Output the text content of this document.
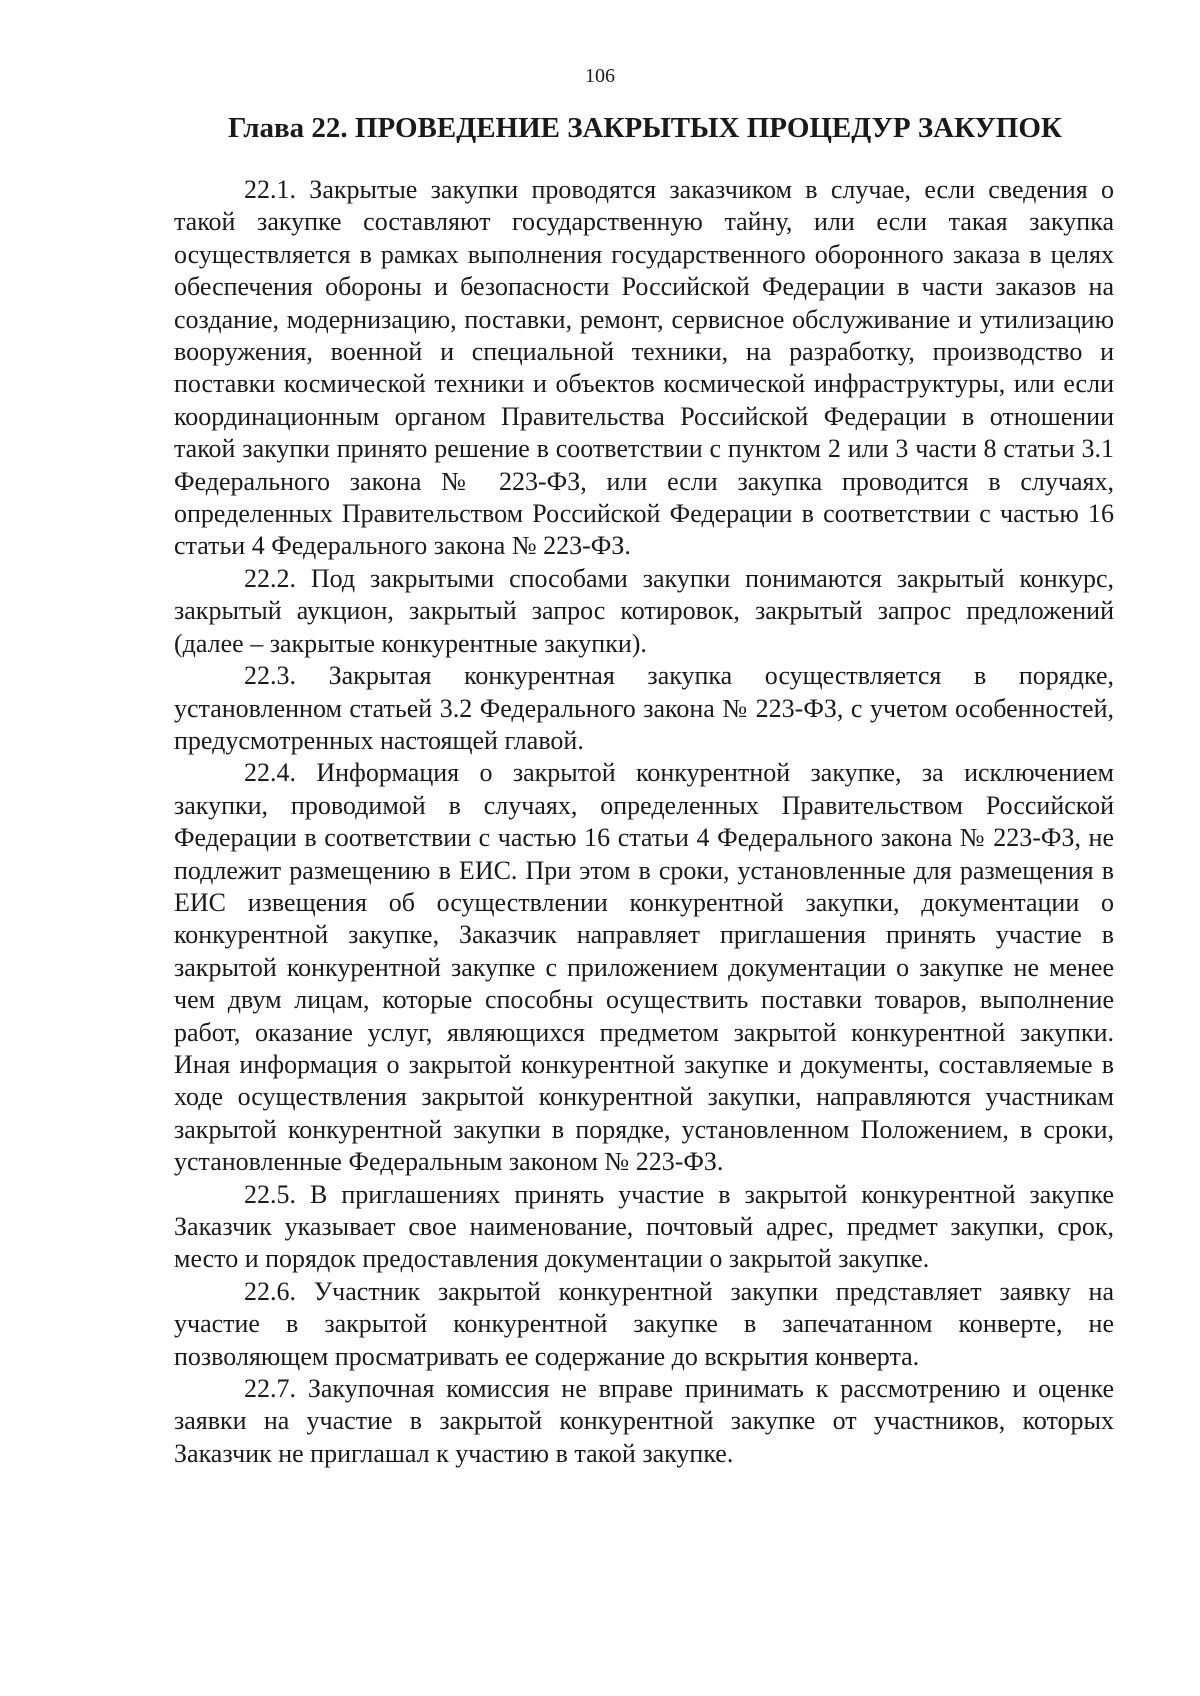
106
Глава 22. ПРОВЕДЕНИЕ ЗАКРЫТЫХ ПРОЦЕДУР ЗАКУПОК

22.1. Закрытые закупки проводятся заказчиком в случае, если сведения о такой закупке составляют государственную тайну, или если такая закупка осуществляется в рамках выполнения государственного оборонного заказа в целях обеспечения обороны и безопасности Российской Федерации в части заказов на создание, модернизацию, поставки, ремонт, сервисное обслуживание и утилизацию вооружения, военной и специальной техники, на разработку, производство и поставки космической техники и объектов космической инфраструктуры, или если координационным органом Правительства Российской Федерации в отношении такой закупки принято решение в соответствии с пунктом 2 или 3 части 8 статьи 3.1 Федерального закона № 223-ФЗ, или если закупка проводится в случаях, определенных Правительством Российской Федерации в соответствии с частью 16 статьи 4 Федерального закона № 223-ФЗ.

22.2. Под закрытыми способами закупки понимаются закрытый конкурс, закрытый аукцион, закрытый запрос котировок, закрытый запрос предложений (далее – закрытые конкурентные закупки).

22.3. Закрытая конкурентная закупка осуществляется в порядке, установленном статьей 3.2 Федерального закона № 223-ФЗ, с учетом особенностей, предусмотренных настоящей главой.

22.4. Информация о закрытой конкурентной закупке, за исключением закупки, проводимой в случаях, определенных Правительством Российской Федерации в соответствии с частью 16 статьи 4 Федерального закона № 223-ФЗ, не подлежит размещению в ЕИС. При этом в сроки, установленные для размещения в ЕИС извещения об осуществлении конкурентной закупки, документации о конкурентной закупке, Заказчик направляет приглашения принять участие в закрытой конкурентной закупке с приложением документации о закупке не менее чем двум лицам, которые способны осуществить поставки товаров, выполнение работ, оказание услуг, являющихся предметом закрытой конкурентной закупки. Иная информация о закрытой конкурентной закупке и документы, составляемые в ходе осуществления закрытой конкурентной закупки, направляются участникам закрытой конкурентной закупки в порядке, установленном Положением, в сроки, установленные Федеральным законом № 223-ФЗ.

22.5. В приглашениях принять участие в закрытой конкурентной закупке Заказчик указывает свое наименование, почтовый адрес, предмет закупки, срок, место и порядок предоставления документации о закрытой закупке.

22.6. Участник закрытой конкурентной закупки представляет заявку на участие в закрытой конкурентной закупке в запечатанном конверте, не позволяющем просматривать ее содержание до вскрытия конверта.

22.7. Закупочная комиссия не вправе принимать к рассмотрению и оценке заявки на участие в закрытой конкурентной закупке от участников, которых Заказчик не приглашал к участию в такой закупке.
